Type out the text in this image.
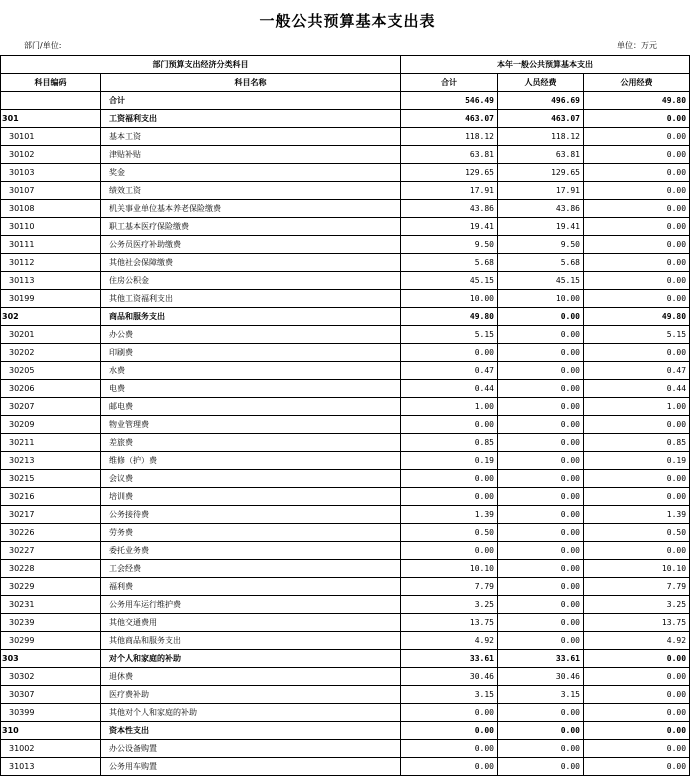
一般公共预算基本支出表
部门/单位:	单位：万元
部门预算支出经济分类科目		本年一般公共预算基本支出		
科目编码	科目名称	合计	人员经费	公用经费
	合计	546.49	496.69	49.80
301	工资福利支出	463.07	463.07	0.00
30101	基本工资	118.12	118.12	0.00
30102	津贴补贴	63.81	63.81	0.00
30103	奖金	129.65	129.65	0.00
30107	绩效工资	17.91	17.91	0.00
30108	机关事业单位基本养老保险缴费	43.86	43.86	0.00
30110	职工基本医疗保险缴费	19.41	19.41	0.00
30111	公务员医疗补助缴费	9.50	9.50	0.00
30112	其他社会保障缴费	5.68	5.68	0.00
30113	住房公积金	45.15	45.15	0.00
30199	其他工资福利支出	10.00	10.00	0.00
302	商品和服务支出	49.80	0.00	49.80
30201	办公费	5.15	0.00	5.15
30202	印刷费	0.00	0.00	0.00
30205	水费	0.47	0.00	0.47
30206	电费	0.44	0.00	0.44
30207	邮电费	1.00	0.00	1.00
30209	物业管理费	0.00	0.00	0.00
30211	差旅费	0.85	0.00	0.85
30213	维修（护）费	0.19	0.00	0.19
30215	会议费	0.00	0.00	0.00
30216	培训费	0.00	0.00	0.00
30217	公务接待费	1.39	0.00	1.39
30226	劳务费	0.50	0.00	0.50
30227	委托业务费	0.00	0.00	0.00
30228	工会经费	10.10	0.00	10.10
30229	福利费	7.79	0.00	7.79
30231	公务用车运行维护费	3.25	0.00	3.25
30239	其他交通费用	13.75	0.00	13.75
30299	其他商品和服务支出	4.92	0.00	4.92
303	对个人和家庭的补助	33.61	33.61	0.00
30302	退休费	30.46	30.46	0.00
30307	医疗费补助	3.15	3.15	0.00
30399	其他对个人和家庭的补助	0.00	0.00	0.00
310	资本性支出	0.00	0.00	0.00
31002	办公设备购置	0.00	0.00	0.00
31013	公务用车购置	0.00	0.00	0.00
